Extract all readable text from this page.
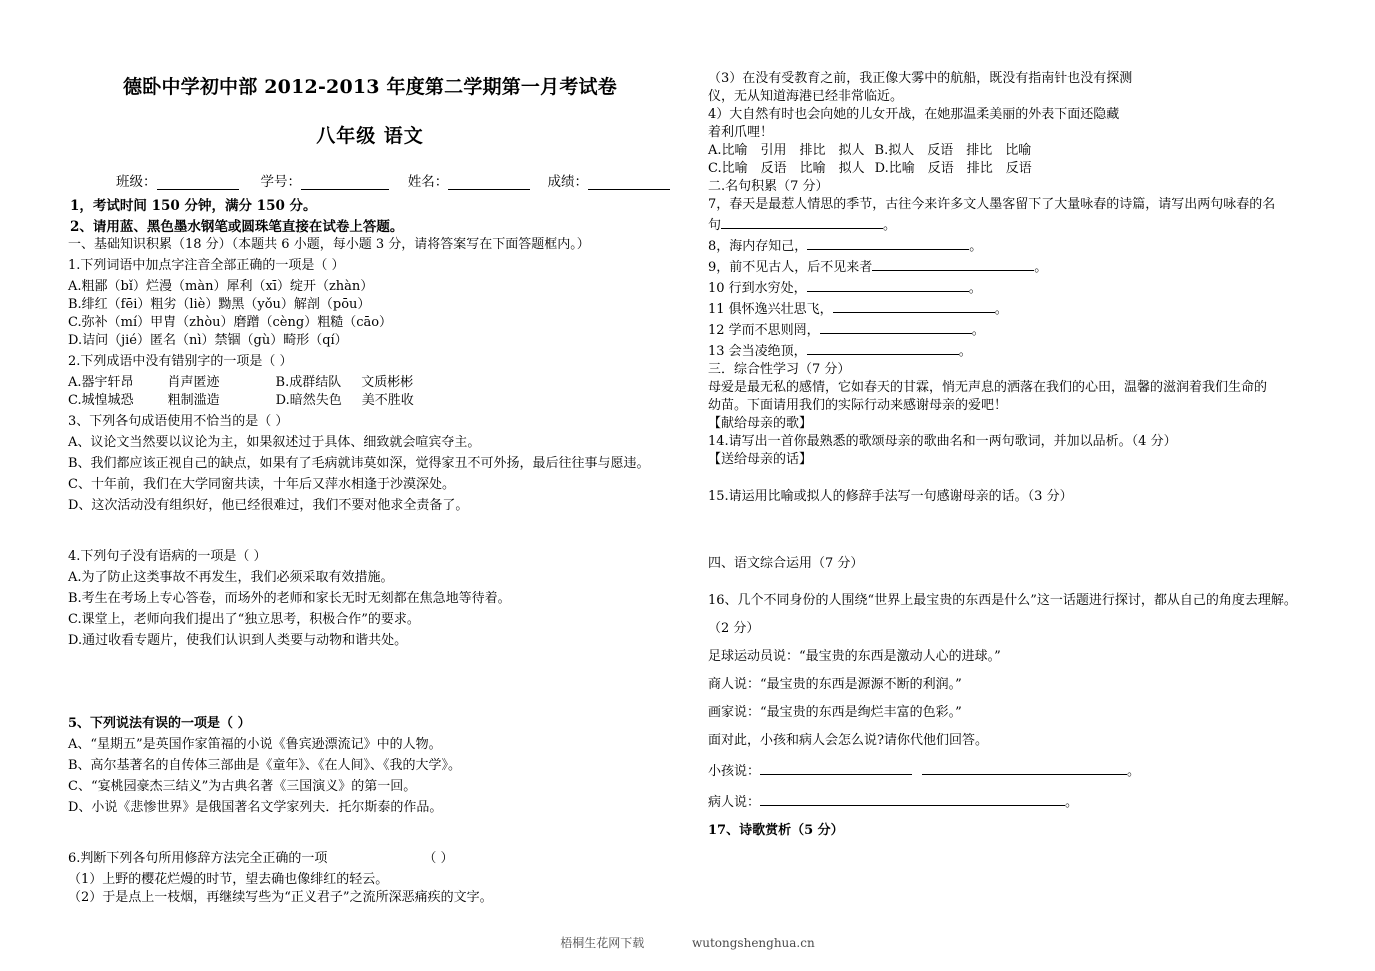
德卧中学初中部 2012-2013 年度第二学期第一月考试卷
八年级 语文
班级：	学号：	姓名：	成绩：
1，考试时间 150 分钟，满分 150 分。
2、请用蓝、黑色墨水钢笔或圆珠笔直接在试卷上答题。
一、基础知识积累（18 分）（本题共 6 小题，每小题 3 分，请将答案写在下面答题框内。）
1.下列词语中加点字注音全部正确的一项是（ ）
A.粗鄙（bǐ）烂漫（màn）犀利（xī）绽开（zhàn）
B.绯红（fēi）粗劣（liè）黝黑（yǒu）解剖（pōu）
C.弥补（mí）甲胄（zhòu）磨蹭（cèng）粗糙（cāo）
D.诘问（jié）匿名（nì）禁锢（gù）畸形（qí）
2.下列成语中没有错别字的一项是（ ）
A.器宇轩昂	肖声匿迹	B.成群结队 文质彬彬
C.城惶城恐	粗制滥造	D.暗然失色 美不胜收
3、下列各句成语使用不恰当的是（ ）
A、议论文当然要以议论为主，如果叙述过于具体、细致就会喧宾夺主。
B、我们都应该正视自己的缺点，如果有了毛病就讳莫如深，觉得家丑不可外扬，最后往往事与愿违。
C、十年前，我们在大学同窗共读，十年后又萍水相逢于沙漠深处。
D、这次活动没有组织好，他已经很难过，我们不要对他求全责备了。
4.下列句子没有语病的一项是（ ）
A.为了防止这类事故不再发生，我们必须采取有效措施。
B.考生在考场上专心答卷，而场外的老师和家长无时无刻都在焦急地等待着。
C.课堂上，老师向我们提出了“独立思考，积极合作”的要求。
D.通过收看专题片，使我们认识到人类要与动物和谐共处。
5、下列说法有误的一项是（ ）
A、“星期五”是英国作家笛福的小说《鲁宾逊漂流记》中的人物。
B、高尔基著名的自传体三部曲是《童年》、《在人间》、《我的大学》。
C、“宴桃园豪杰三结义”为古典名著《三国演义》的第一回。
D、小说《悲惨世界》是俄国著名文学家列夫．托尔斯泰的作品。
6.判断下列各句所用修辞方法完全正确的一项	（ ）
（1）上野的樱花烂熳的时节，望去确也像绯红的轻云。
（2）于是点上一枝烟，再继续写些为“正义君子”之流所深恶痛疾的文字。
（3）在没有受教育之前，我正像大雾中的航船，既没有指南针也没有探测
仪，无从知道海港已经非常临近。
4）大自然有时也会向她的儿女开战，在她那温柔美丽的外表下面还隐藏
着利爪哩！
A.比喻　引用　排比　拟人 B.拟人　反语　排比　比喻
C.比喻　反语　比喻　拟人 D.比喻　反语　排比　反语
二.名句积累（7 分）
7，春天是最惹人情思的季节，古往今来许多文人墨客留下了大量咏春的诗篇，请写出两句咏春的名
句	。
8，海内存知己，	。
9，前不见古人，后不见来者	。
10 行到水穷处，	。
11 俱怀逸兴壮思飞，	。
12 学而不思则罔，	。
13 会当凌绝顶，	。
三．综合性学习（7 分）
母爱是最无私的感情，它如春天的甘霖，悄无声息的洒落在我们的心田，温馨的滋润着我们生命的
幼苗。下面请用我们的实际行动来感谢母亲的爱吧！
【献给母亲的歌】
14.请写出一首你最熟悉的歌颂母亲的歌曲名和一两句歌词，并加以品析。（4 分）
【送给母亲的话】
15.请运用比喻或拟人的修辞手法写一句感谢母亲的话。（3 分）
四、语文综合运用（7 分）
16、几个不同身份的人围绕“世界上最宝贵的东西是什么”这一话题进行探讨，都从自己的角度去理解。
（2 分）
足球运动员说：“最宝贵的东西是激动人心的进球。”
商人说：“最宝贵的东西是源源不断的利润。”
画家说：“最宝贵的东西是绚烂丰富的色彩。”
面对此，小孩和病人会怎么说?请你代他们回答。
小孩说：	。
病人说：	。
17、诗歌赏析（5 分）
梧桐生花网下载	wutongshenghua.cn
